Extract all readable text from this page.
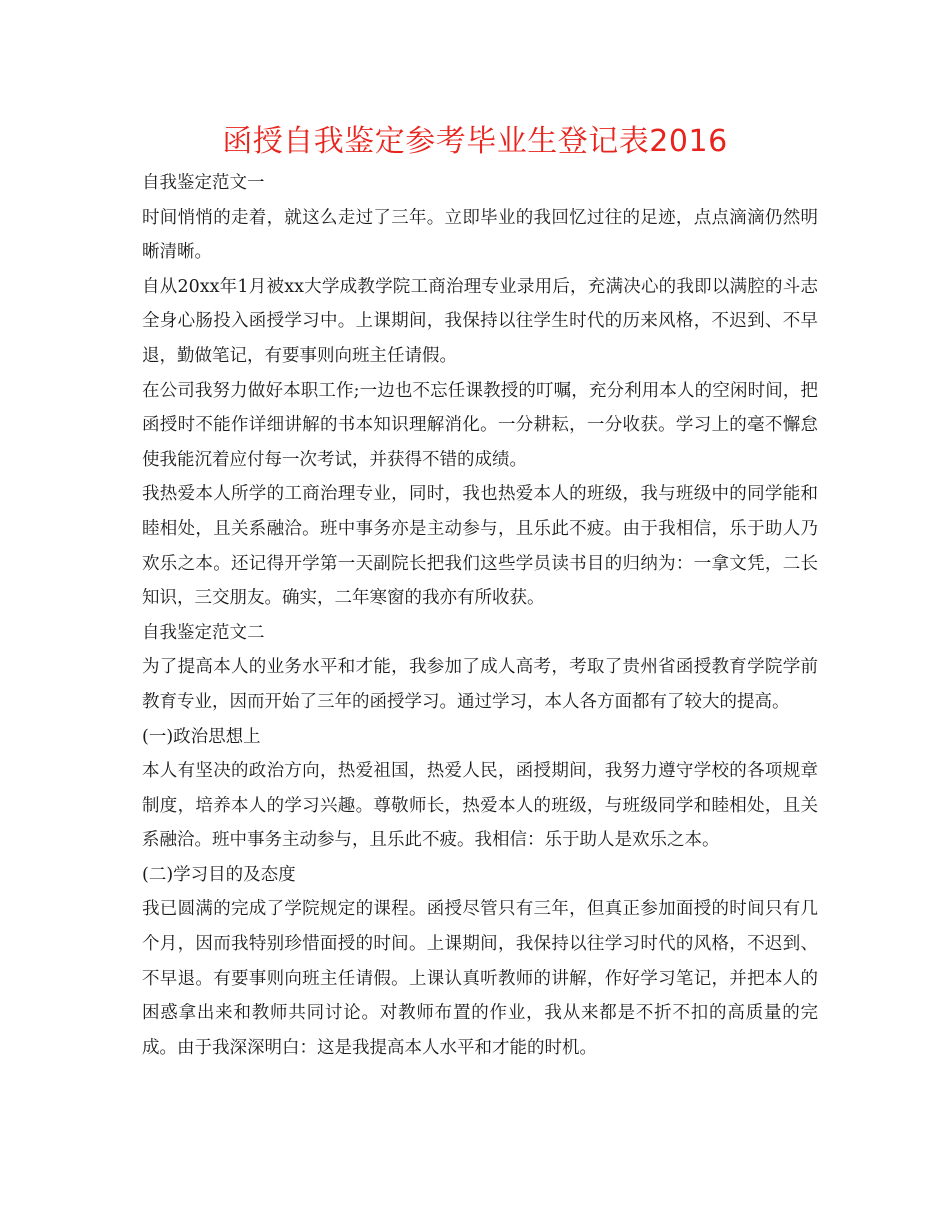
函授自我鉴定参考毕业生登记表2016

自我鉴定范文一

时间悄悄的走着，就这么走过了三年。立即毕业的我回忆过往的足迹，点点滴滴仍然明晰清晰。

自从20xx年1月被xx大学成教学院工商治理专业录用后，充满决心的我即以满腔的斗志全身心肠投入函授学习中。上课期间，我保持以往学生时代的历来风格，不迟到、不早退，勤做笔记，有要事则向班主任请假。

在公司我努力做好本职工作;一边也不忘任课教授的叮嘱，充分利用本人的空闲时间，把函授时不能作详细讲解的书本知识理解消化。一分耕耘，一分收获。学习上的毫不懈怠使我能沉着应付每一次考试，并获得不错的成绩。

我热爱本人所学的工商治理专业，同时，我也热爱本人的班级，我与班级中的同学能和睦相处，且关系融洽。班中事务亦是主动参与，且乐此不疲。由于我相信，乐于助人乃欢乐之本。还记得开学第一天副院长把我们这些学员读书目的归纳为：一拿文凭，二长知识，三交朋友。确实，二年寒窗的我亦有所收获。

自我鉴定范文二

为了提高本人的业务水平和才能，我参加了成人高考，考取了贵州省函授教育学院学前教育专业，因而开始了三年的函授学习。通过学习，本人各方面都有了较大的提高。

(一)政治思想上

本人有坚决的政治方向，热爱祖国，热爱人民，函授期间，我努力遵守学校的各项规章制度，培养本人的学习兴趣。尊敬师长，热爱本人的班级，与班级同学和睦相处，且关系融洽。班中事务主动参与，且乐此不疲。我相信：乐于助人是欢乐之本。

(二)学习目的及态度

我已圆满的完成了学院规定的课程。函授尽管只有三年，但真正参加面授的时间只有几个月，因而我特别珍惜面授的时间。上课期间，我保持以往学习时代的风格，不迟到、不早退。有要事则向班主任请假。上课认真听教师的讲解，作好学习笔记，并把本人的困惑拿出来和教师共同讨论。对教师布置的作业，我从来都是不折不扣的高质量的完成。由于我深深明白：这是我提高本人水平和才能的时机。
